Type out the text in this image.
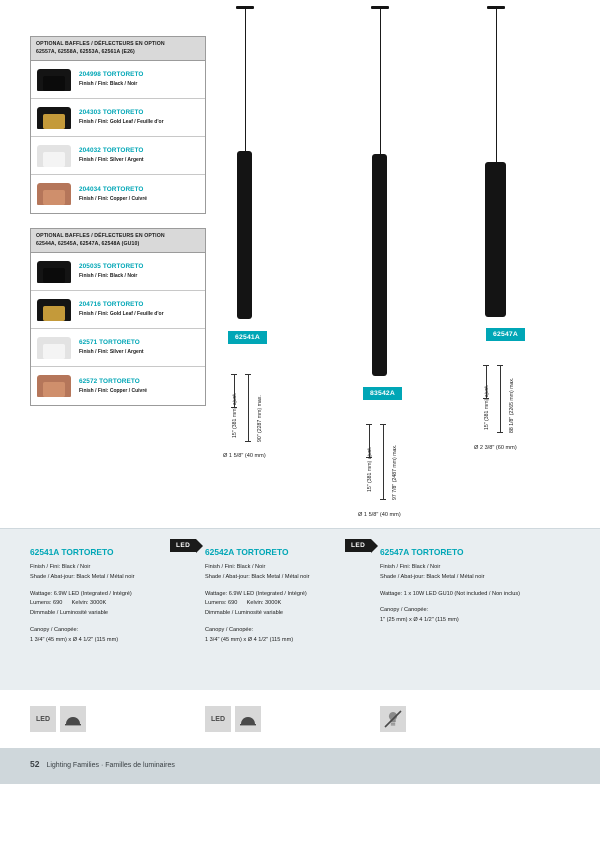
OPTIONAL BAFFLES / DÉFLECTEURS EN OPTION
62557A, 62558A, 62553A, 62561A (E26)
204998 TORTORETO
Finish / Fini: Black / Noir
204303 TORTORETO
Finish / Fini: Gold Leaf / Feuille d'or
204032 TORTORETO
Finish / Fini: Silver / Argent
204034 TORTORETO
Finish / Fini: Copper / Cuivré
OPTIONAL BAFFLES / DÉFLECTEURS EN OPTION
62544A, 62545A, 62547A, 62548A (GU10)
205035 TORTORETO
Finish / Fini: Black / Noir
204716 TORTORETO
Finish / Fini: Gold Leaf / Feuille d'or
62571 TORTORETO
Finish / Fini: Silver / Argent
62572 TORTORETO
Finish / Fini: Copper / Cuivré
62541A
90" (2287 mm) max.
15" (381 mm) ajust.
Ø 1 5/8" (40 mm)
83542A
97 7/8" (2487 mm) max.
15" (381 mm) ajust.
Ø 1 5/8" (40 mm)
62547A
88 1/8" (2265 mm) max.
15" (381 mm) ajust.
Ø 2 3/8" (60 mm)
LED	LED
62541A TORTORETO
Finish / Fini: Black / Noir
Shade / Abat-jour: Black Metal / Métal noir
Wattage: 6.9W LED (Integrated / Intégré)
Lumens: 690 Kelvin: 3000K
Dimmable / Luminosité variable
Canopy / Canopée:
1 3/4" (45 mm) x Ø 4 1/2" (115 mm)
62542A TORTORETO
Finish / Fini: Black / Noir
Shade / Abat-jour: Black Metal / Métal noir
Wattage: 6.9W LED (Integrated / Intégré)
Lumens: 690 Kelvin: 3000K
Dimmable / Luminosité variable
Canopy / Canopée:
1 3/4" (45 mm) x Ø 4 1/2" (115 mm)
62547A TORTORETO
Finish / Fini: Black / Noir
Shade / Abat-jour: Black Metal / Métal noir
Wattage: 1 x 10W LED GU10 (Not included / Non inclus)
Canopy / Canopée:
1" (25 mm) x Ø 4 1/2" (115 mm)
LED	LED
52 Lighting Families · Familles de luminaires
